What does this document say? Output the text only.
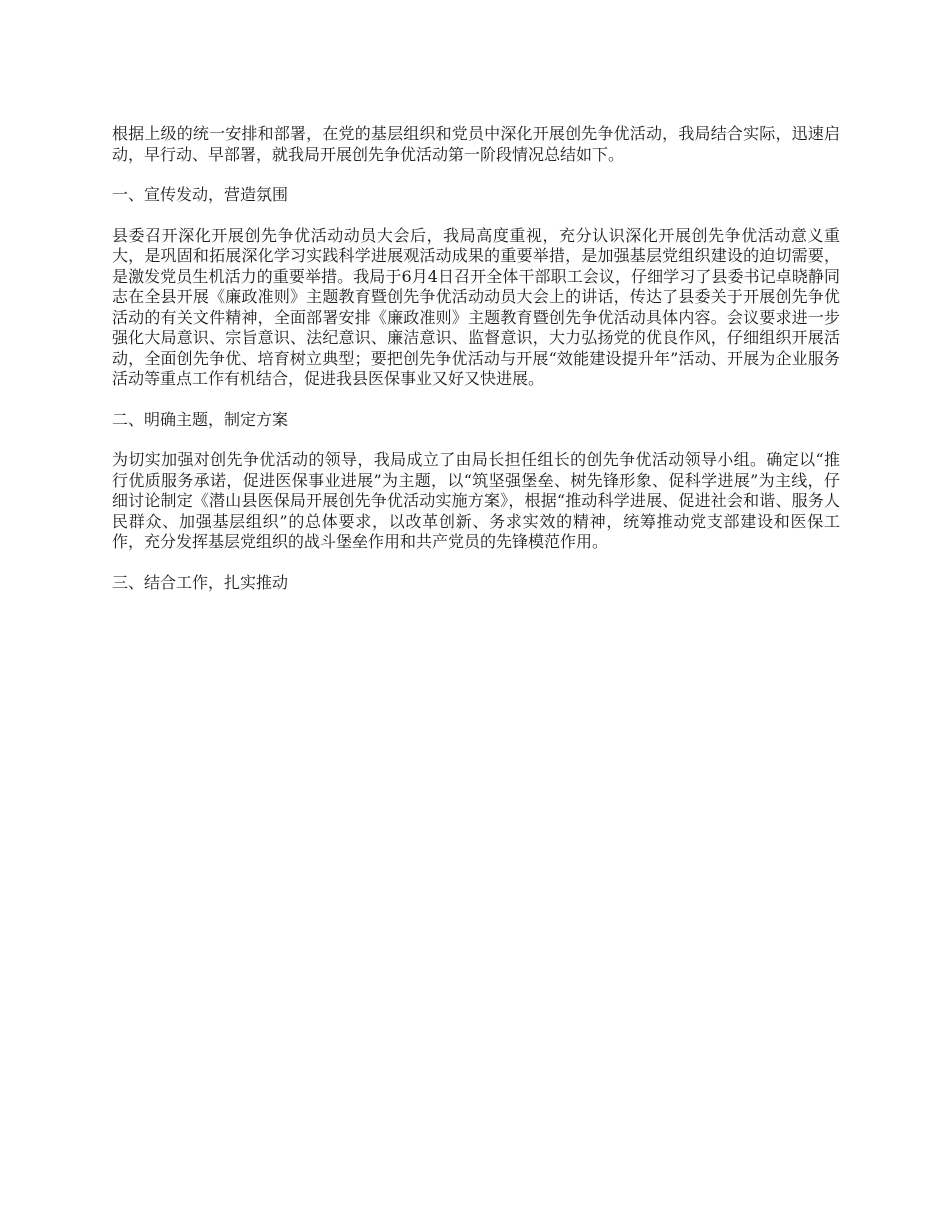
根据上级的统一安排和部署，在党的基层组织和党员中深化开展创先争优活动，我局结合实际，迅速启动，早行动、早部署，就我局开展创先争优活动第一阶段情况总结如下。

一、宣传发动，营造氛围

县委召开深化开展创先争优活动动员大会后，我局高度重视，充分认识深化开展创先争优活动意义重大，是巩固和拓展深化学习实践科学进展观活动成果的重要举措，是加强基层党组织建设的迫切需要，是激发党员生机活力的重要举措。我局于6月4日召开全体干部职工会议，仔细学习了县委书记卓晓静同志在全县开展《廉政准则》主题教育暨创先争优活动动员大会上的讲话，传达了县委关于开展创先争优活动的有关文件精神，全面部署安排《廉政准则》主题教育暨创先争优活动具体内容。会议要求进一步强化大局意识、宗旨意识、法纪意识、廉洁意识、监督意识，大力弘扬党的优良作风，仔细组织开展活动，全面创先争优、培育树立典型；要把创先争优活动与开展“效能建设提升年”活动、开展为企业服务活动等重点工作有机结合，促进我县医保事业又好又快进展。

二、明确主题，制定方案

为切实加强对创先争优活动的领导，我局成立了由局长担任组长的创先争优活动领导小组。确定以“推行优质服务承诺，促进医保事业进展”为主题，以“筑坚强堡垒、树先锋形象、促科学进展”为主线，仔细讨论制定《潜山县医保局开展创先争优活动实施方案》，根据“推动科学进展、促进社会和谐、服务人民群众、加强基层组织”的总体要求，以改革创新、务求实效的精神，统筹推动党支部建设和医保工作，充分发挥基层党组织的战斗堡垒作用和共产党员的先锋模范作用。

三、结合工作，扎实推动
